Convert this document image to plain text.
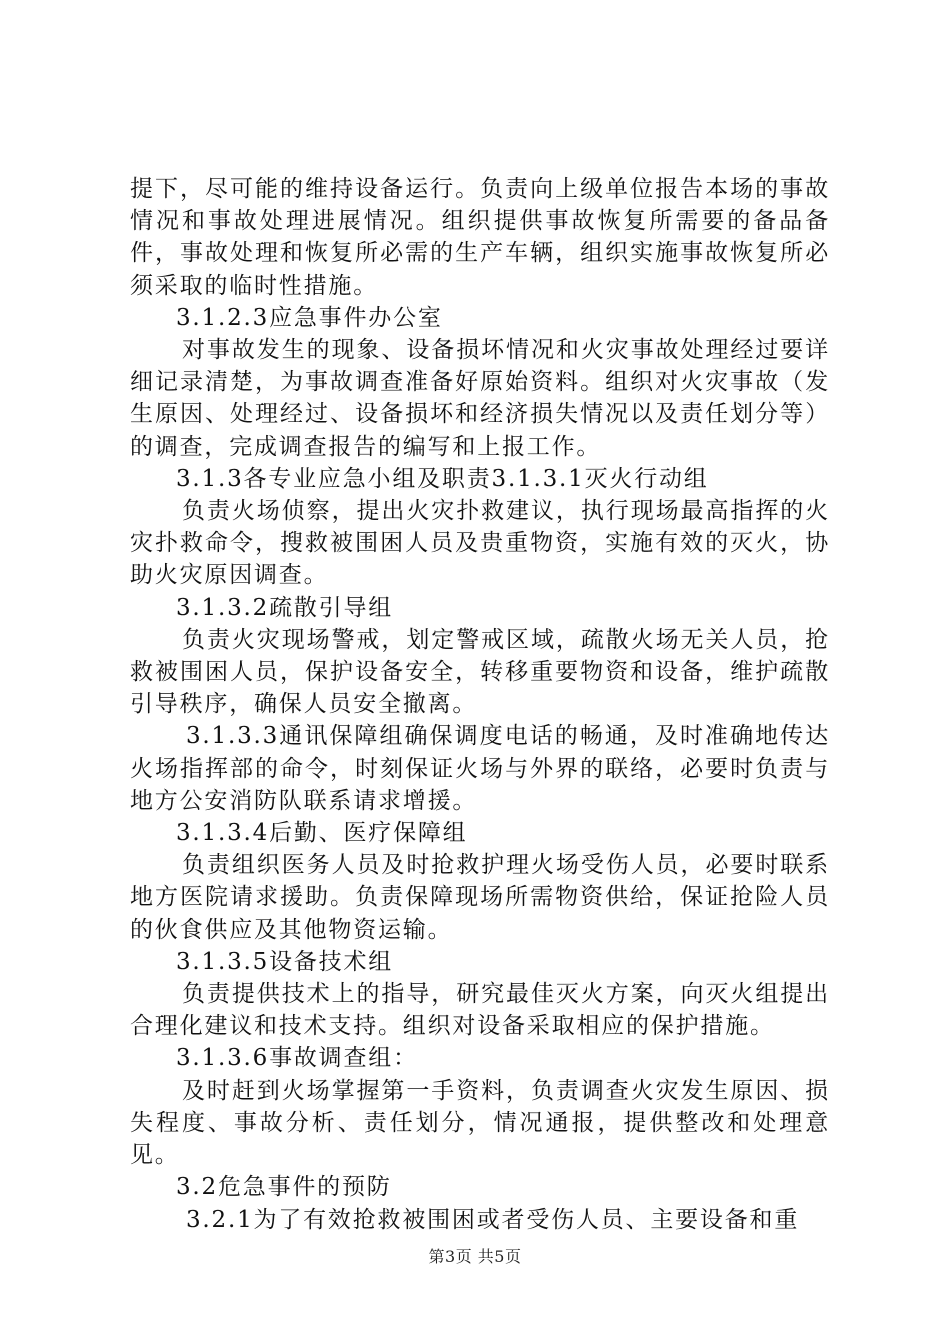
提下，尽可能的维持设备运行。负责向上级单位报告本场的事故情况和事故处理进展情况。组织提供事故恢复所需要的备品备件，事故处理和恢复所必需的生产车辆，组织实施事故恢复所必须采取的临时性措施。

3.1.2.3应急事件办公室

对事故发生的现象、设备损坏情况和火灾事故处理经过要详细记录清楚，为事故调查准备好原始资料。组织对火灾事故（发生原因、处理经过、设备损坏和经济损失情况以及责任划分等）的调查，完成调查报告的编写和上报工作。

3.1.3各专业应急小组及职责3.1.3.1灭火行动组

负责火场侦察，提出火灾扑救建议，执行现场最高指挥的火灾扑救命令，搜救被围困人员及贵重物资，实施有效的灭火，协助火灾原因调查。

3.1.3.2疏散引导组

负责火灾现场警戒，划定警戒区域，疏散火场无关人员，抢救被围困人员，保护设备安全，转移重要物资和设备，维护疏散引导秩序，确保人员安全撤离。

3.1.3.3通讯保障组确保调度电话的畅通，及时准确地传达火场指挥部的命令，时刻保证火场与外界的联络，必要时负责与地方公安消防队联系请求增援。

3.1.3.4后勤、医疗保障组

负责组织医务人员及时抢救护理火场受伤人员，必要时联系地方医院请求援助。负责保障现场所需物资供给，保证抢险人员的伙食供应及其他物资运输。

3.1.3.5设备技术组

负责提供技术上的指导，研究最佳灭火方案，向灭火组提出合理化建议和技术支持。组织对设备采取相应的保护措施。

3.1.3.6事故调查组：

及时赶到火场掌握第一手资料，负责调查火灾发生原因、损失程度、事故分析、责任划分，情况通报，提供整改和处理意见。

3.2危急事件的预防

3.2.1为了有效抢救被围困或者受伤人员、主要设备和重

第3页 共5页
